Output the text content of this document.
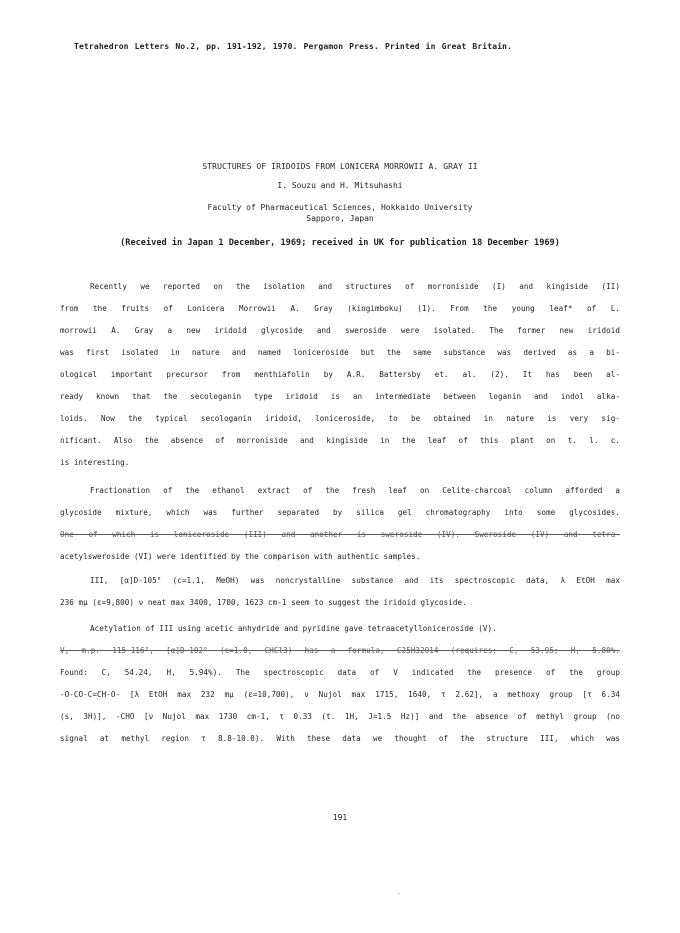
Tetrahedron Letters No.2, pp. 191-192, 1970. Pergamon Press. Printed in Great Britain.
STRUCTURES OF IRIDOIDS FROM LONICERA MORROWII A. GRAY II
I. Souzu and H. Mitsuhashi
Faculty of Pharmaceutical Sciences, Hokkaido University
Sapporo, Japan
(Received in Japan 1 December, 1969; received in UK for publication 18 December 1969)
Recently we reported on the isolation and structures of morroniside (I) and kingiside (II)
from the fruits of Lonicera Morrowii A. Gray (kingimboku) (1). From the young leaf* of L.
morrowii A. Gray a new iridoid glycoside and sweroside were isolated. The former new iridoid
was first isolated in nature and named loniceroside but the same substance was derived as a bi-
ological important precursor from menthiafolin by A.R. Battersby et. al. (2). It has been al-
ready known that the secologanin type iridoid is an intermediate between loganin and indol alka-
loids. Now the typical secologanin iridoid, loniceroside, to be obtained in nature is very sig-
nificant. Also the absence of morroniside and kingiside in the leaf of this plant on t. l. c.
is interesting.
Fractionation of the ethanol extract of the fresh leaf on Celite-charcoal column afforded a
glycoside mixture, which was further separated by silica gel chromatography into some glycosides.
One of which is loniceroside (III) and another is sweroside (IV). Sweroside (IV) and tetra-
acetylsweroside (VI) were identified by the comparison with authentic samples.
III, [α]D-105° (c=1.1, MeOH) was noncrystalline substance and its spectroscopic data, λ EtOH max
236 mμ (ε=9,800) ν neat max 3400, 1700, 1623 cm-1 seem to suggest the iridoid glycoside.
Acetylation of III using acetic anhydride and pyridine gave tetraacetylloniceroside (V).
V, m.p. 115-116°, [α]D-102° (c=1.0, CHCl3) has a formula, C25H32O14 (requires: C, 53.95; H, 5.80%.
Found: C, 54.24, H, 5.94%). The spectroscopic data of V indicated the presence of the group
-O-CO-C=CH-O- [λ EtOH max 232 mμ (ε=10,700), ν Nujol max 1715, 1640, τ 2.62], a methoxy group [τ 6.34
(s, 3H)], -CHO [ν Nujol max 1730 cm-1, τ 0.33 (t. 1H, J=1.5 Hz)] and the absence of methyl group (no
signal at methyl region τ 8.8-10.0). With these data we thought of the structure III, which was
191
-
